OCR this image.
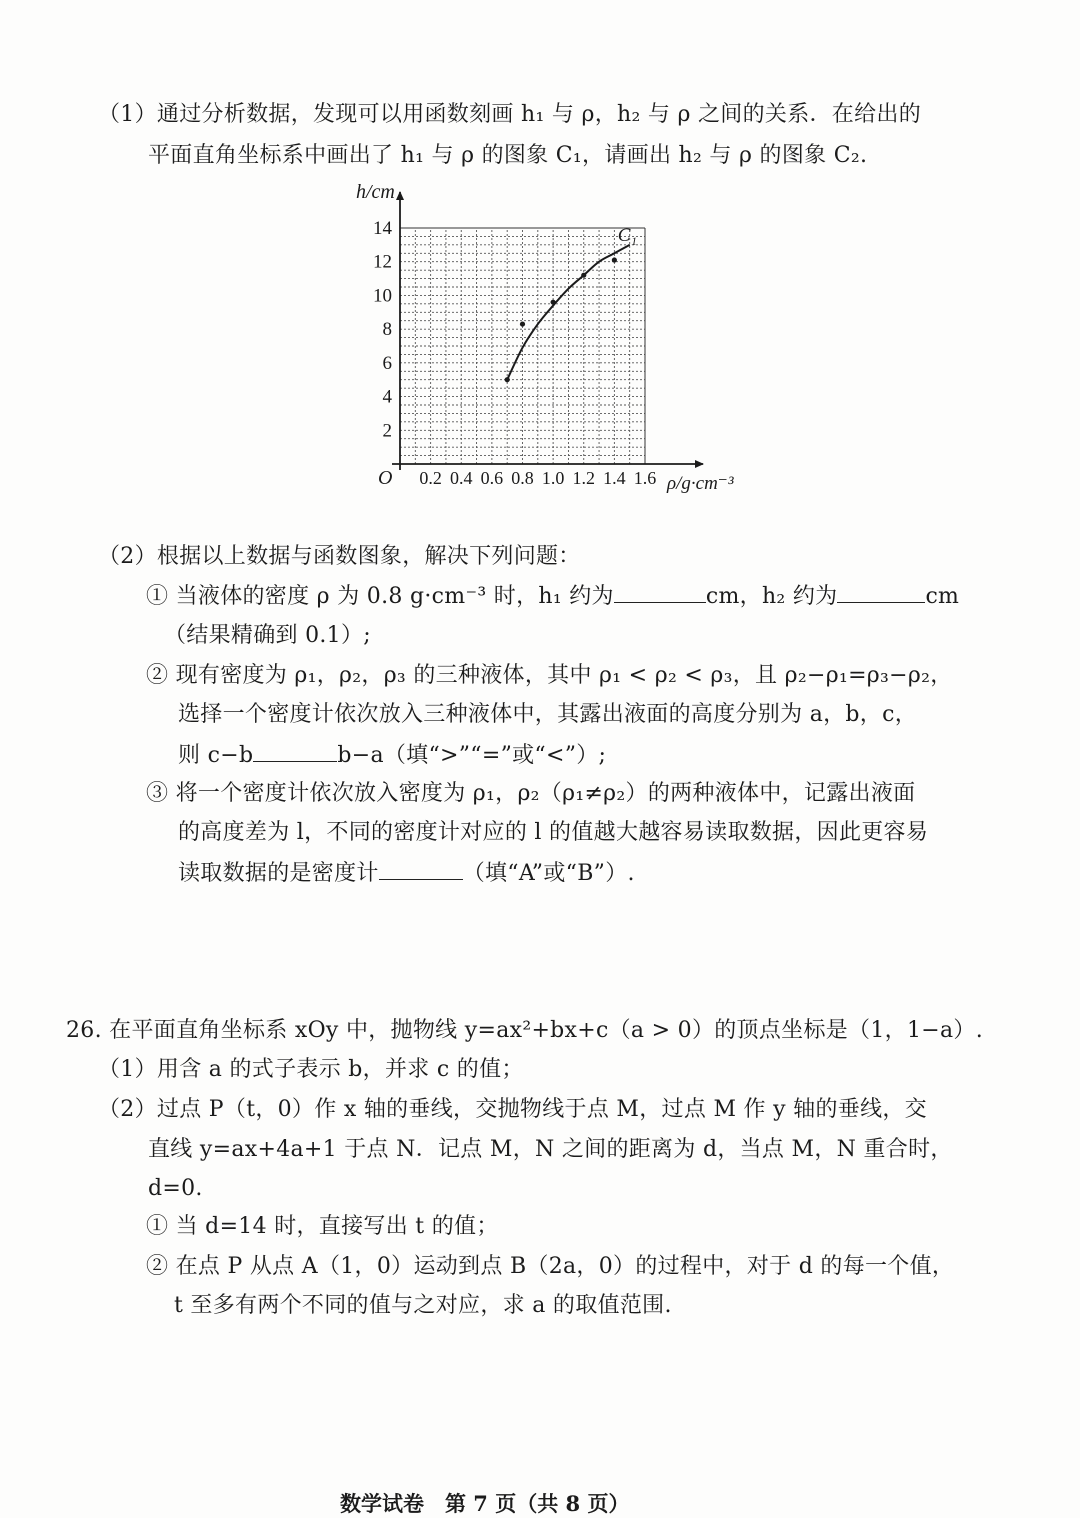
（1）通过分析数据，发现可以用函数刻画 h₁ 与 ρ，h₂ 与 ρ 之间的关系．在给出的
平面直角坐标系中画出了 h₁ 与 ρ 的图象 C₁，请画出 h₂ 与 ρ 的图象 C₂.
h/cm
ρ/g·cm⁻³
O 0.2 0.4 0.6 0.8 1.0 1.2 1.4 1.6
2
4
6
8
10
12
14	C₁
（2）根据以上数据与函数图象，解决下列问题：
① 当液体的密度 ρ 为 0.8 g·cm⁻³ 时，h₁ 约为	cm，h₂ 约为	cm
（结果精确到 0.1）;
② 现有密度为 ρ₁，ρ₂，ρ₃ 的三种液体，其中 ρ₁ < ρ₂ < ρ₃，且 ρ₂−ρ₁=ρ₃−ρ₂，
选择一个密度计依次放入三种液体中，其露出液面的高度分别为 a，b，c，
则 c−b	b−a（填“>”“=”或“<”）;
③ 将一个密度计依次放入密度为 ρ₁，ρ₂（ρ₁≠ρ₂）的两种液体中，记露出液面
的高度差为 l，不同的密度计对应的 l 的值越大越容易读取数据，因此更容易
读取数据的是密度计	（填“A”或“B”）.
26. 在平面直角坐标系 xOy 中，抛物线 y=ax²+bx+c（a > 0）的顶点坐标是（1，1−a）.
（1）用含 a 的式子表示 b，并求 c 的值；
（2）过点 P（t，0）作 x 轴的垂线，交抛物线于点 M，过点 M 作 y 轴的垂线，交
直线 y=ax+4a+1 于点 N．记点 M，N 之间的距离为 d，当点 M，N 重合时，
d=0.
① 当 d=14 时，直接写出 t 的值；
② 在点 P 从点 A（1，0）运动到点 B（2a，0）的过程中，对于 d 的每一个值，
t 至多有两个不同的值与之对应，求 a 的取值范围.
数学试卷　第 7 页（共 8 页）
